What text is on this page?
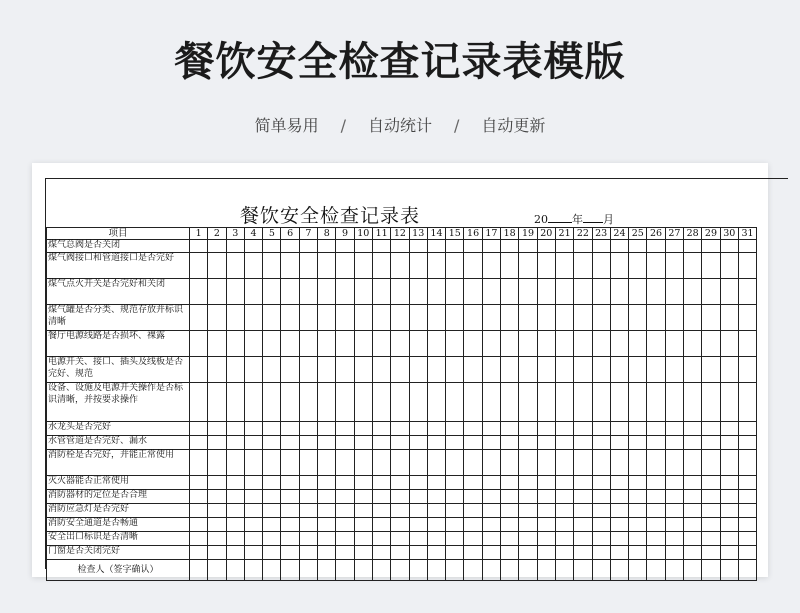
餐饮安全检查记录表模版
简单易用 / 自动统计 / 自动更新
餐饮安全检查记录表	20 年 月
项目	1	2	3	4	5	6	7	8	9	10	11	12	13	14	15	16	17	18	19	20	21	22	23	24	25	26	27	28	29	30	31
煤气总阀是否关闭																															
煤气阀接口和管道接口是否完好																															
煤气点火开关是否完好和关闭																															
煤气罐是否分类、规范存放并标识清晰																															
餐厅电源线路是否损坏、裸露																															
电源开关、接口、插头及线板是否完好、规范																															
设备、设施及电源开关操作是否标识清晰，并按要求操作																															
水龙头是否完好																															
水管管道是否完好、漏水																															
消防栓是否完好，并能正常使用																															
灭火器能否正常使用																															
消防器材的定位是否合理																															
消防应急灯是否完好																															
消防安全通道是否畅通																															
安全出口标识是否清晰																															
门窗是否关闭完好																															
检查人（签字确认）																															
